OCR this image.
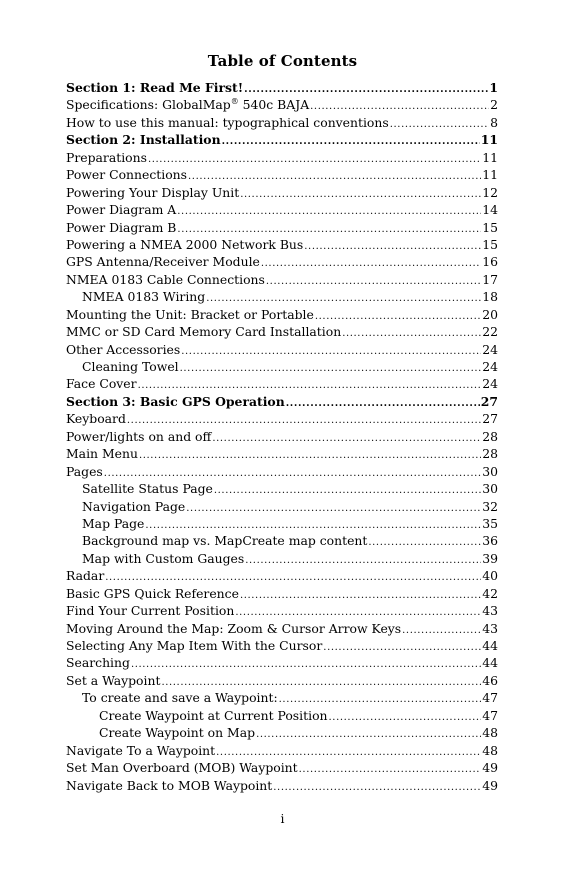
Table of Contents
Section 1: Read Me First! .....	1
Specifications: GlobalMap® 540c BAJA .....	2
How to use this manual: typographical conventions .....	8
Section 2: Installation .....	11
Preparations .....	11
Power Connections .....	11
Powering Your Display Unit .....	12
Power Diagram A .....	14
Power Diagram B .....	15
Powering a NMEA 2000 Network Bus .....	15
GPS Antenna/Receiver Module .....	16
NMEA 0183 Cable Connections .....	17
NMEA 0183 Wiring .....	18
Mounting the Unit: Bracket or Portable .....	20
MMC or SD Card Memory Card Installation .....	22
Other Accessories .....	24
Cleaning Towel .....	24
Face Cover .....	24
Section 3: Basic GPS Operation .....	27
Keyboard .....	27
Power/lights on and off .....	28
Main Menu .....	28
Pages .....	30
Satellite Status Page .....	30
Navigation Page .....	32
Map Page .....	35
Background map vs. MapCreate map content .....	36
Map with Custom Gauges .....	39
Radar .....	40
Basic GPS Quick Reference .....	42
Find Your Current Position .....	43
Moving Around the Map: Zoom & Cursor Arrow Keys .....	43
Selecting Any Map Item With the Cursor .....	44
Searching .....	44
Set a Waypoint .....	46
To create and save a Waypoint: .....	47
Create Waypoint at Current Position .....	47
Create Waypoint on Map .....	48
Navigate To a Waypoint .....	48
Set Man Overboard (MOB) Waypoint .....	49
Navigate Back to MOB Waypoint .....	49
i
